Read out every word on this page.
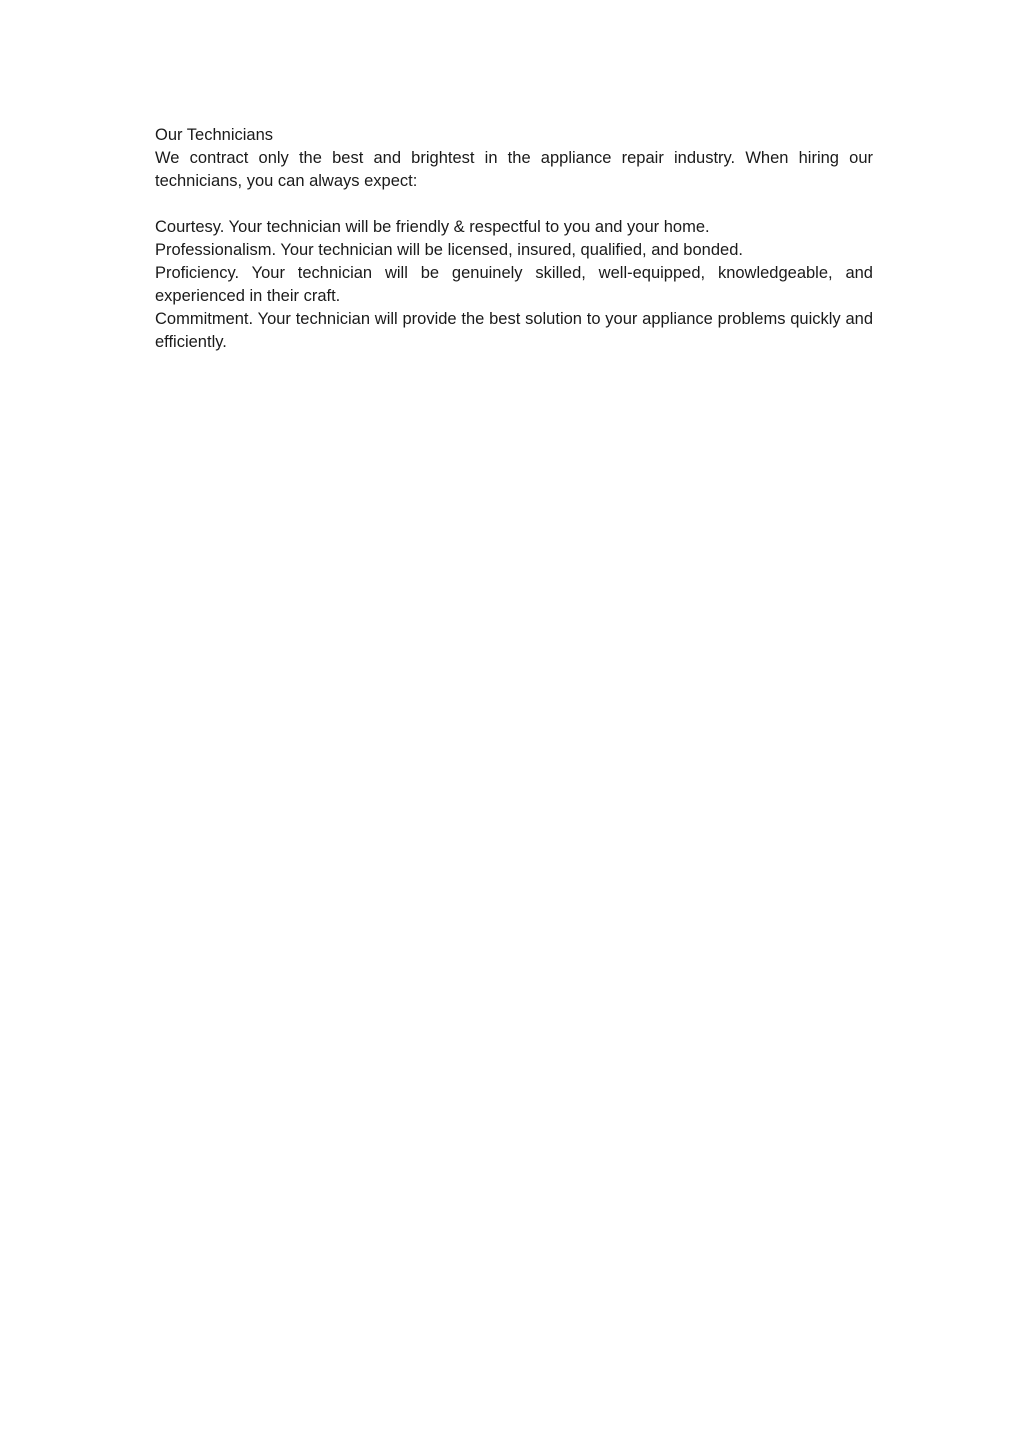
Our Technicians

We contract only the best and brightest in the appliance repair industry. When hiring our technicians, you can always expect:

Courtesy. Your technician will be friendly & respectful to you and your home.

Professionalism. Your technician will be licensed, insured, qualified, and bonded.

Proficiency. Your technician will be genuinely skilled, well-equipped, knowledgeable, and experienced in their craft.

Commitment. Your technician will provide the best solution to your appliance problems quickly and efficiently.
